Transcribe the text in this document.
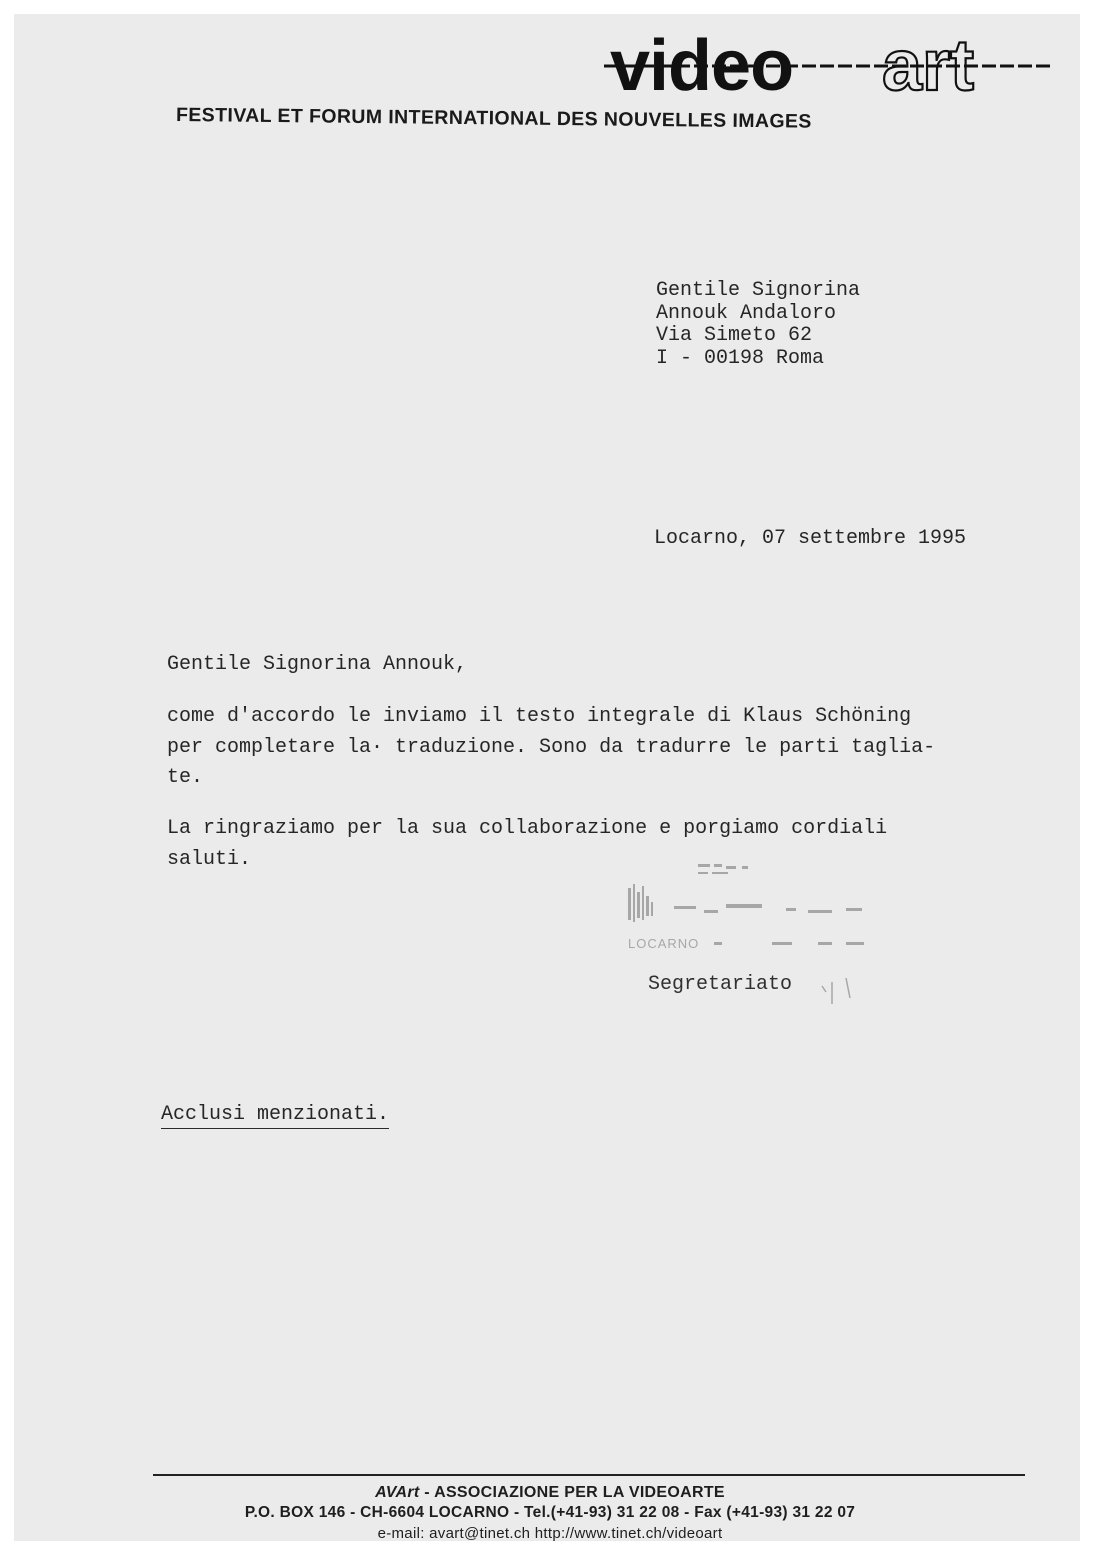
video art
FESTIVAL ET FORUM INTERNATIONAL DES NOUVELLES IMAGES
Gentile Signorina
Annouk Andaloro
Via Simeto 62
I - 00198 Roma
Locarno, 07 settembre 1995
Gentile Signorina Annouk,
come d'accordo le inviamo il testo integrale di Klaus Schöning
per completare la· traduzione. Sono da tradurre le parti taglia-
te.
La ringraziamo per la sua collaborazione e porgiamo cordiali
saluti.
LOCARNO
Segretariato
Acclusi menzionati.
AVArt - ASSOCIAZIONE PER LA VIDEOARTE
P.O. BOX 146 - CH-6604 LOCARNO - Tel.(+41-93) 31 22 08 - Fax (+41-93) 31 22 07
e-mail: avart@tinet.ch http://www.tinet.ch/videoart
